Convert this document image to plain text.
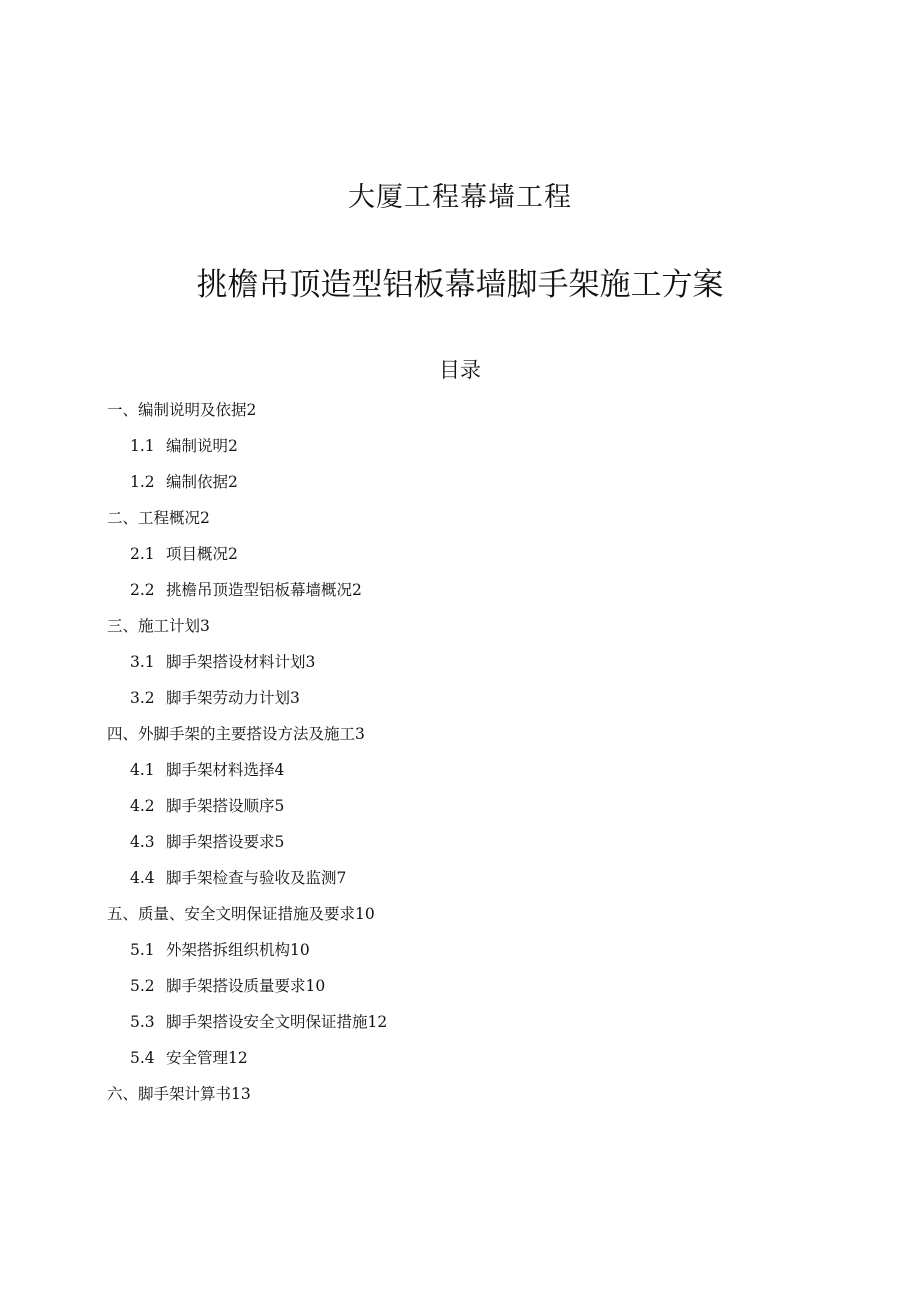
大厦工程幕墙工程
挑檐吊顶造型铝板幕墙脚手架施工方案
目录
一、编制说明及依据2
1.1 编制说明2
1.2 编制依据2
二、工程概况2
2.1 项目概况2
2.2 挑檐吊顶造型铝板幕墙概况2
三、施工计划3
3.1 脚手架搭设材料计划3
3.2 脚手架劳动力计划3
四、外脚手架的主要搭设方法及施工3
4.1 脚手架材料选择4
4.2 脚手架搭设顺序5
4.3 脚手架搭设要求5
4.4 脚手架检查与验收及监测7
五、质量、安全文明保证措施及要求10
5.1 外架搭拆组织机构10
5.2 脚手架搭设质量要求10
5.3 脚手架搭设安全文明保证措施12
5.4 安全管理12
六、脚手架计算书13
